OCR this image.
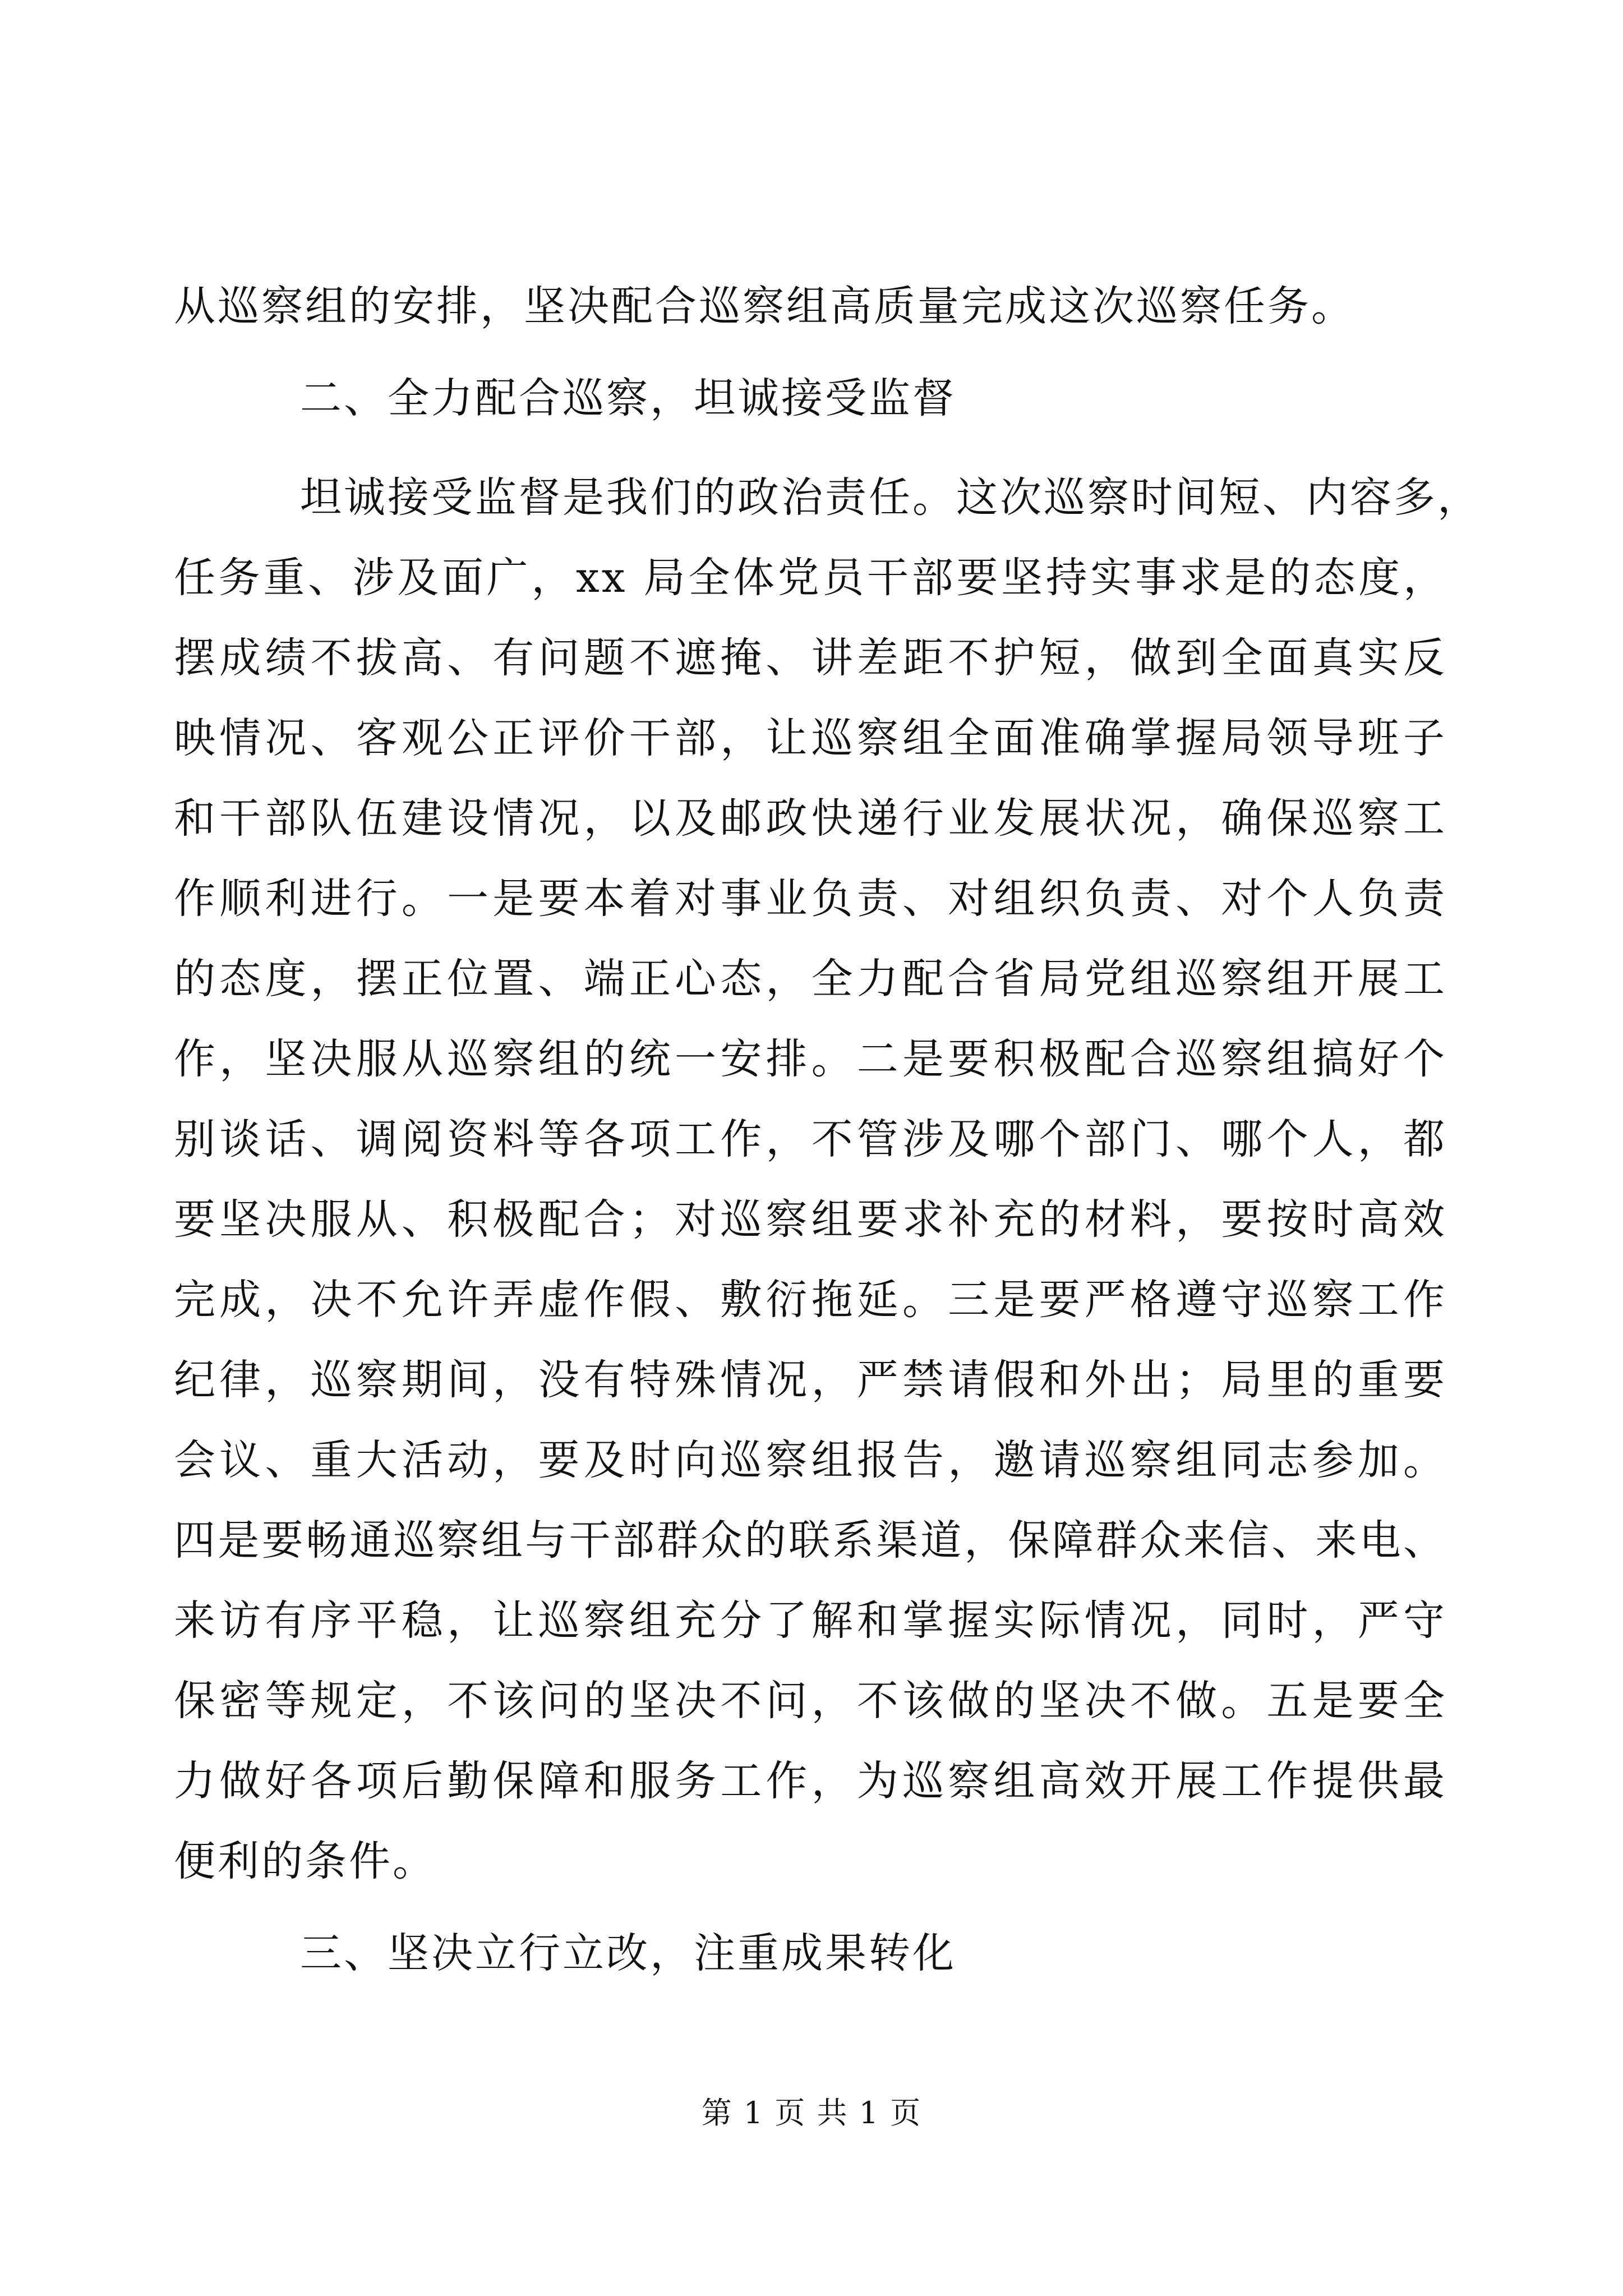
从巡察组的安排，坚决配合巡察组高质量完成这次巡察任务。
二、全力配合巡察，坦诚接受监督
坦诚接受监督是我们的政治责任。这次巡察时间短、内容多，
任务重、涉及面广，xx 局全体党员干部要坚持实事求是的态度，
摆成绩不拔高、有问题不遮掩、讲差距不护短，做到全面真实反
映情况、客观公正评价干部，让巡察组全面准确掌握局领导班子
和干部队伍建设情况，以及邮政快递行业发展状况，确保巡察工
作顺利进行。一是要本着对事业负责、对组织负责、对个人负责
的态度，摆正位置、端正心态，全力配合省局党组巡察组开展工
作，坚决服从巡察组的统一安排。二是要积极配合巡察组搞好个
别谈话、调阅资料等各项工作，不管涉及哪个部门、哪个人，都
要坚决服从、积极配合；对巡察组要求补充的材料，要按时高效
完成，决不允许弄虚作假、敷衍拖延。三是要严格遵守巡察工作
纪律，巡察期间，没有特殊情况，严禁请假和外出；局里的重要
会议、重大活动，要及时向巡察组报告，邀请巡察组同志参加。
四是要畅通巡察组与干部群众的联系渠道，保障群众来信、来电、
来访有序平稳，让巡察组充分了解和掌握实际情况，同时，严守
保密等规定，不该问的坚决不问，不该做的坚决不做。五是要全
力做好各项后勤保障和服务工作，为巡察组高效开展工作提供最
便利的条件。
三、坚决立行立改，注重成果转化
第 1 页 共 1 页
